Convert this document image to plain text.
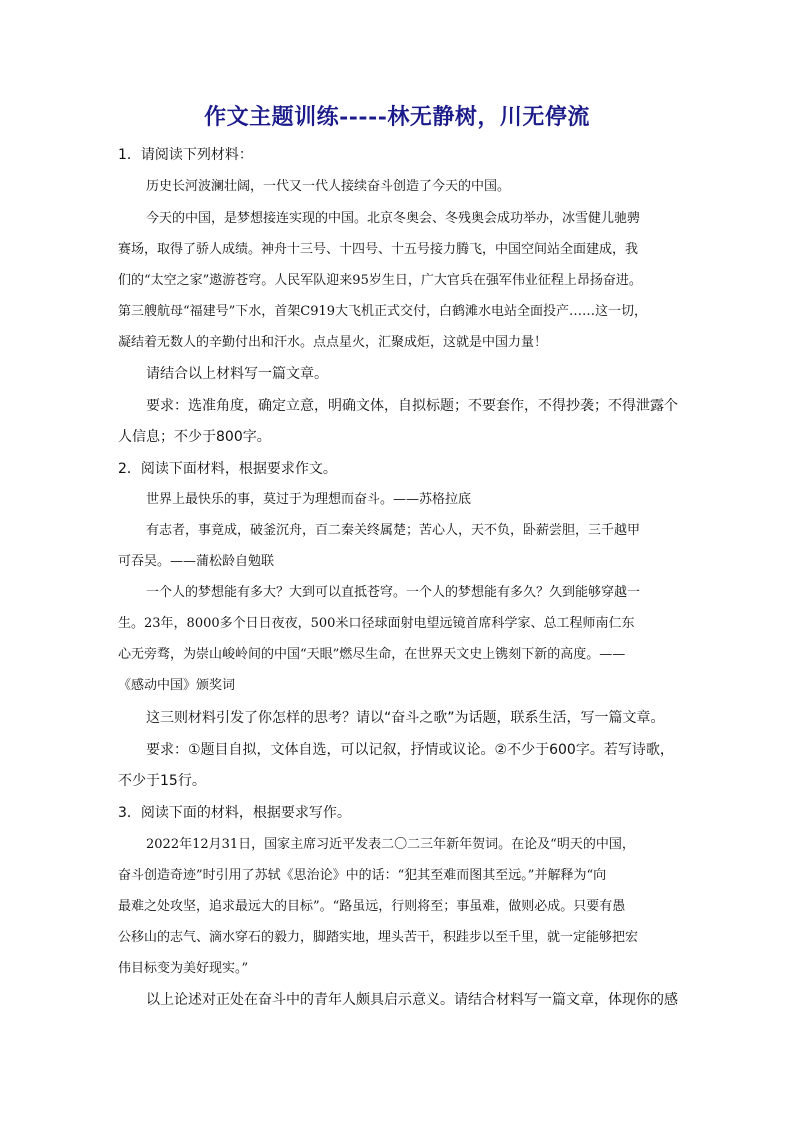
作文主题训练-----林无静树，川无停流
1．请阅读下列材料：
历史长河波澜壮阔，一代又一代人接续奋斗创造了今天的中国。
今天的中国，是梦想接连实现的中国。北京冬奥会、冬残奥会成功举办，冰雪健儿驰骋
赛场，取得了骄人成绩。神舟十三号、十四号、十五号接力腾飞，中国空间站全面建成，我
们的“太空之家”遨游苍穹。人民军队迎来95岁生日，广大官兵在强军伟业征程上昂扬奋进。
第三艘航母“福建号”下水，首架C919大飞机正式交付，白鹤滩水电站全面投产……这一切，
凝结着无数人的辛勤付出和汗水。点点星火，汇聚成炬，这就是中国力量！
请结合以上材料写一篇文章。
要求：选准角度，确定立意，明确文体，自拟标题；不要套作，不得抄袭；不得泄露个
人信息；不少于800字。
2．阅读下面材料，根据要求作文。
世界上最快乐的事，莫过于为理想而奋斗。——苏格拉底
有志者，事竟成，破釜沉舟，百二秦关终属楚；苦心人，天不负，卧薪尝胆，三千越甲
可吞吴。——蒲松龄自勉联
一个人的梦想能有多大？大到可以直抵苍穹。一个人的梦想能有多久？久到能够穿越一
生。23年，8000多个日日夜夜，500米口径球面射电望远镜首席科学家、总工程师南仁东
心无旁骛，为崇山峻岭间的中国“天眼”燃尽生命，在世界天文史上镌刻下新的高度。——
《感动中国》颁奖词
这三则材料引发了你怎样的思考？请以“奋斗之歌”为话题，联系生活，写一篇文章。
要求：①题目自拟，文体自选，可以记叙，抒情或议论。②不少于600字。若写诗歌，
不少于15行。
3．阅读下面的材料，根据要求写作。
2022年12月31日，国家主席习近平发表二〇二三年新年贺词。在论及“明天的中国，
奋斗创造奇迹”时引用了苏轼《思治论》中的话：“犯其至难而图其至远。”并解释为“向
最难之处攻坚，追求最远大的目标”。“路虽远，行则将至；事虽难，做则必成。只要有愚
公移山的志气、滴水穿石的毅力，脚踏实地，埋头苦干，积跬步以至千里，就一定能够把宏
伟目标变为美好现实。”
以上论述对正处在奋斗中的青年人颇具启示意义。请结合材料写一篇文章，体现你的感
